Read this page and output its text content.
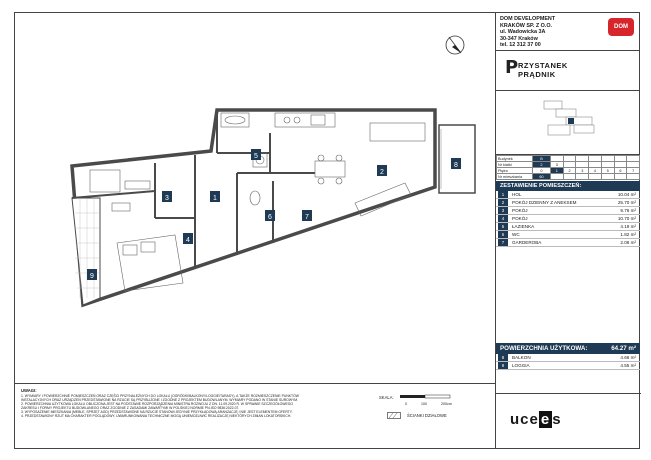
1
2
3
4
5
6	7
8
9
UWAGI:
1. WYMIARY I POWIERZCHNIE POMIESZCZEŃ ORAZ CZĘŚCI PRZYNALEŻNYCH DO LOKALU (OGRÓDKI/BALKONY/LOGGIE/TARASY), A TAKŻE ROZMIESZCZENIE PUNKTÓW
INSTALACYJNYCH ORAZ URZĄDZEŃ PRZEDSTAWIONE NA RZUCIE SĄ PRZYBLIŻONE I ZGODNE Z PROJEKTEM BUDOWLANYM. WYMIARY PODANO W STANIE SUROWYM.
2. POWIERZCHNIA UŻYTKOWA LOKALU OBLICZONA JEST NA PODSTAWIE ROZPORZĄDZENIA MINISTRA ROZWOJU Z DN. 11.09.2020 R. W SPRAWIE SZCZEGÓŁOWEGO
ZAKRESU I FORMY PROJEKTU BUDOWLANEGO ORAZ ZGODNIE Z ZASADAMI ZAWARTYMI W POLSKIEJ NORMIE PN-ISO 9836:2022-07.
3. WYPOSAŻENIE MIESZKANIA (MEBLE, SPRZĘT AGD) PRZEDSTAWIONE NA RZUCIE STANOWI JEDYNIE PRZYKŁADOWĄ ARANŻACJĘ I NIE JEST ELEMENTEM OFERTY.
4. PRZEDSTAWIONY RZUT MA CHARAKTER POGLĄDOWY, UWARUNKOWANIA TECHNICZNE MOGĄ UNIEMOŻLIWIĆ REALIZACJĘ NIEKTÓRYCH ZMIAN LOKATORSKICH.
SKALA:
0	100	200cm
ŚCIANKI DZIAŁOWE
DOM DEVELOPMENT
KRAKÓW SP. Z O.O.
ul. Wadowicka 3A
30-347 Kraków
tel. 12 312 37 00
DOM
P RZYSTANEK
PRĄDNIK
Budynek	B							
Nr klatki	2	3						
Piętro	0	1	2	3	4	5	6	7
Nr mieszkania	60							
ZESTAWIENIE POMIESZCZEŃ:
1	HOL	10.04 m²
2	POKÓJ DZIENNY Z ANEKSEM	25.70 m²
3	POKÓJ	9.76 m²
4	POKÓJ	10.70 m²
5	ŁAZIENKA	4.19 m²
6	WC	1.82 m²
7	GARDEROBA	2.06 m²
POWIERZCHNIA UŻYTKOWA:	64.27 m²
8	BALKON	4.66 m²
9	LOGGIA	4.55 m²
uce e s
